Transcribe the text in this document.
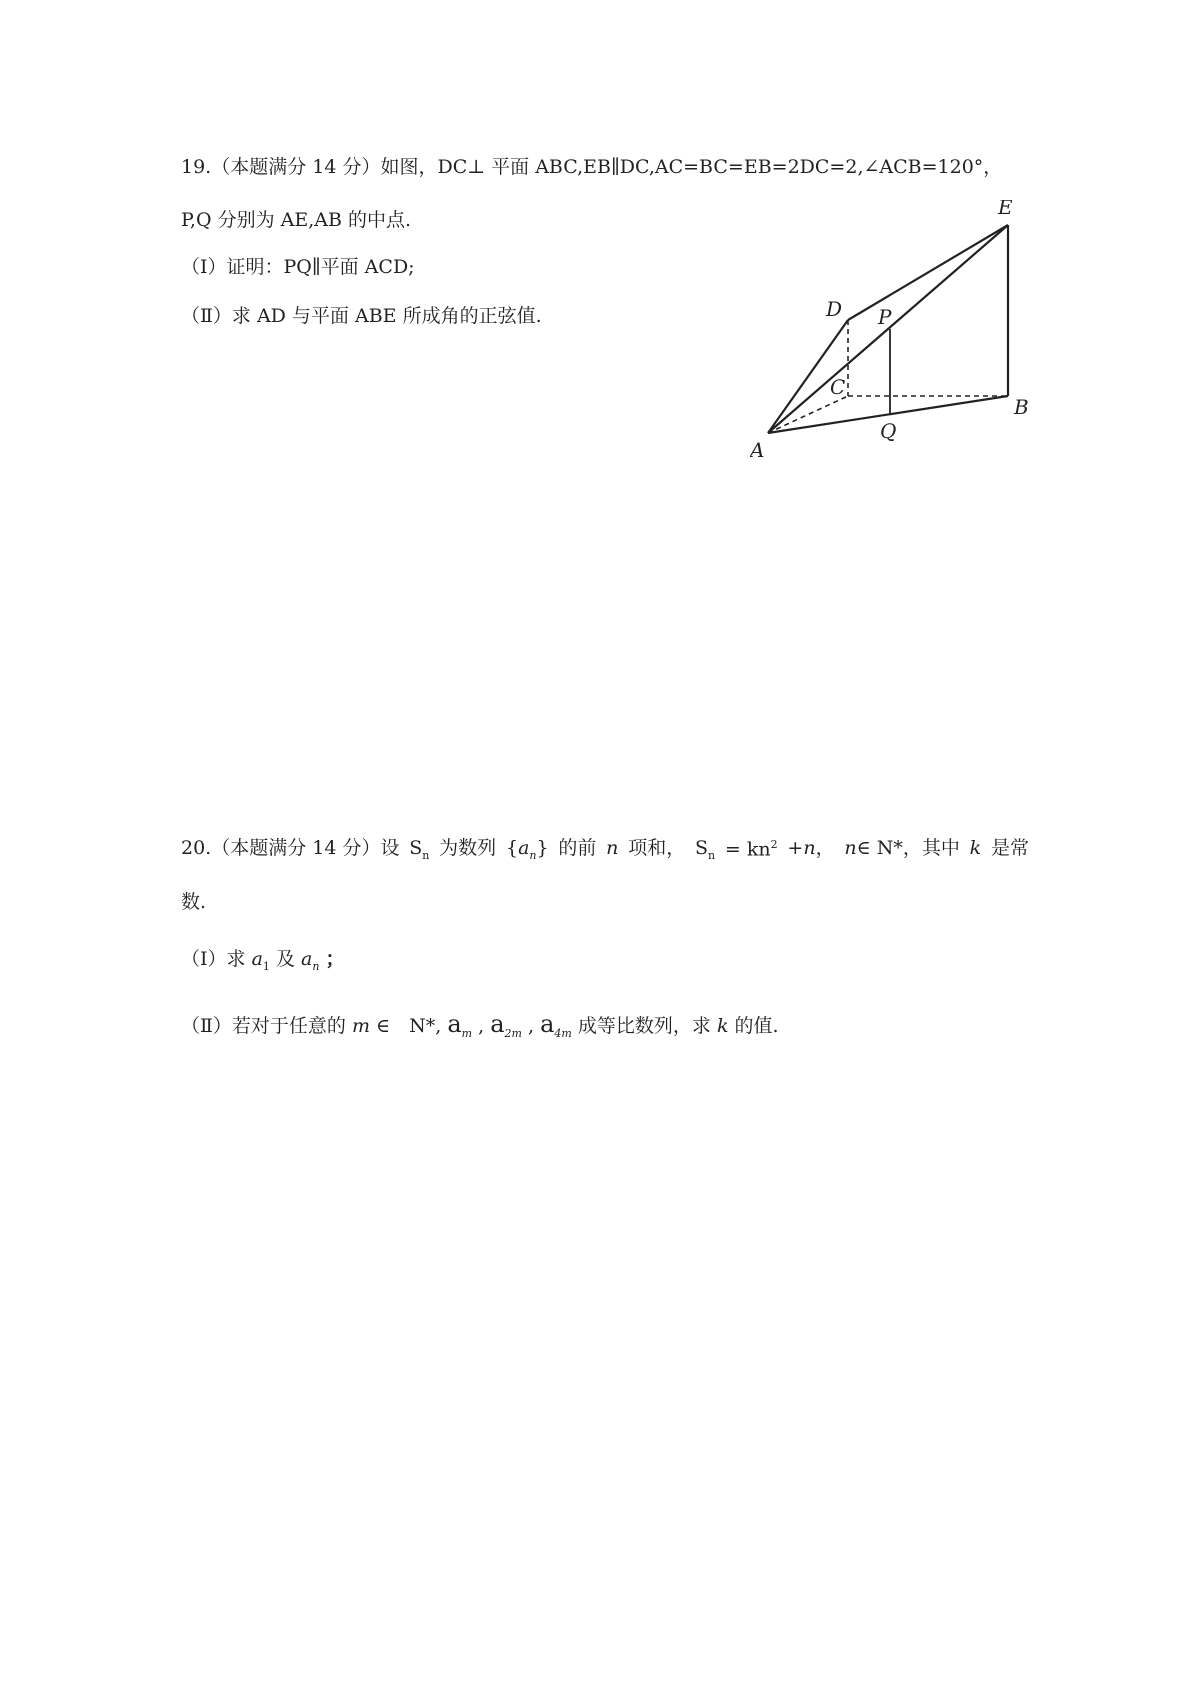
19.（本题满分 14 分）如图，DC⊥ 平面 ABC,EB∥DC,AC=BC=EB=2DC=2,∠ACB=120°，
P,Q 分别为 AE,AB 的中点.
（Ⅰ）证明：PQ∥平面 ACD;
（Ⅱ）求 AD 与平面 ABE 所成角的正弦值.
A
B
C
D
E
P
Q
20.（本题满分 14 分）设 $S_n$ 为数列 $\{a_n\}$ 的前 n 项和， $S_n = kn^2 +n$， n∈ N*，其中 k 是常
数.
（I）求 $a_1$ 及 $a_n$ ；
（Ⅱ）若对于任意的 m ∈　N*, $a_m$ , $a_{2m}$ , $a_{4m}$ 成等比数列，求 k 的值.
